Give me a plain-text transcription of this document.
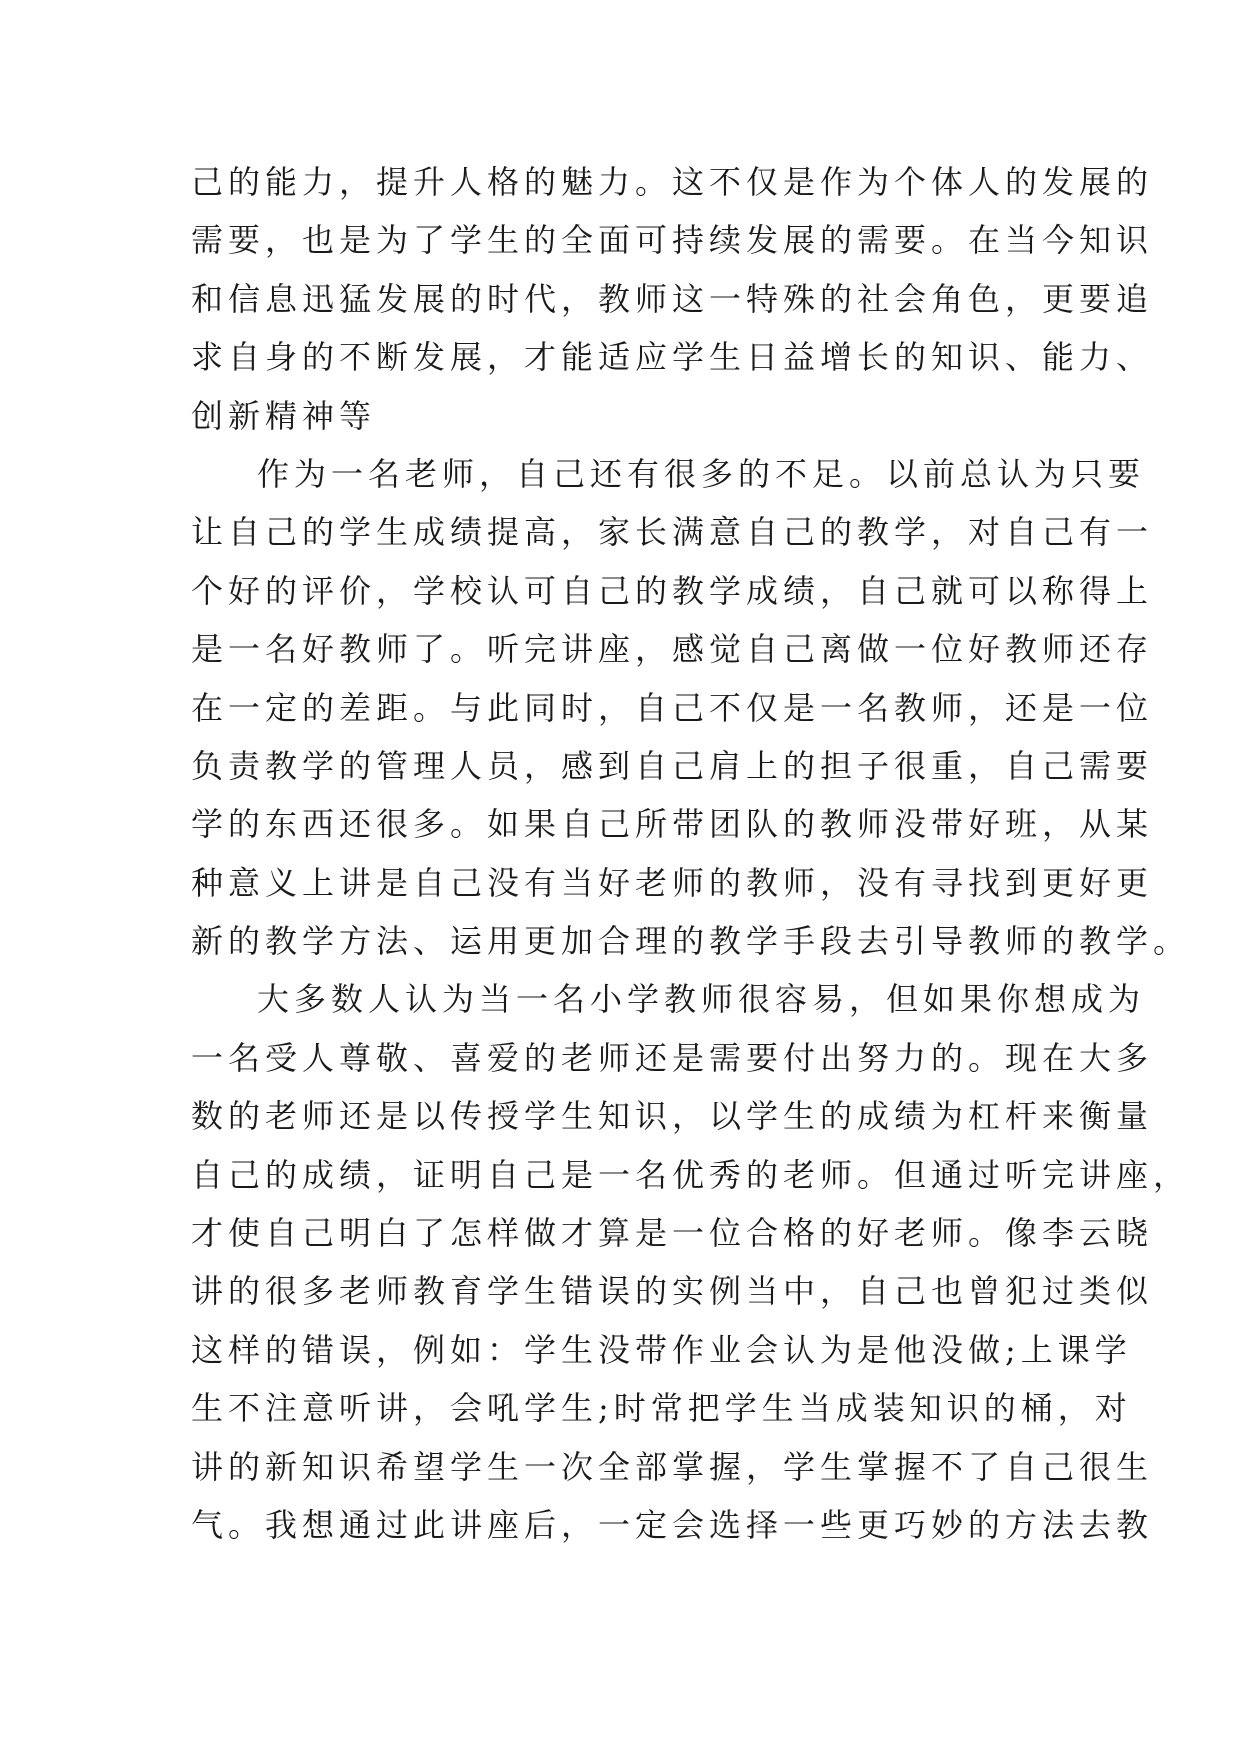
己的能力，提升人格的魅力。这不仅是作为个体人的发展的
需要，也是为了学生的全面可持续发展的需要。在当今知识
和信息迅猛发展的时代，教师这一特殊的社会角色，更要追
求自身的不断发展，才能适应学生日益增长的知识、能力、
创新精神等
作为一名老师，自己还有很多的不足。以前总认为只要
让自己的学生成绩提高，家长满意自己的教学，对自己有一
个好的评价，学校认可自己的教学成绩，自己就可以称得上
是一名好教师了。听完讲座，感觉自己离做一位好教师还存
在一定的差距。与此同时，自己不仅是一名教师，还是一位
负责教学的管理人员，感到自己肩上的担子很重，自己需要
学的东西还很多。如果自己所带团队的教师没带好班，从某
种意义上讲是自己没有当好老师的教师，没有寻找到更好更
新的教学方法、运用更加合理的教学手段去引导教师的教学。
大多数人认为当一名小学教师很容易，但如果你想成为
一名受人尊敬、喜爱的老师还是需要付出努力的。现在大多
数的老师还是以传授学生知识，以学生的成绩为杠杆来衡量
自己的成绩，证明自己是一名优秀的老师。但通过听完讲座，
才使自己明白了怎样做才算是一位合格的好老师。像李云晓
讲的很多老师教育学生错误的实例当中，自己也曾犯过类似
这样的错误，例如：学生没带作业会认为是他没做;上课学
生不注意听讲，会吼学生;时常把学生当成装知识的桶，对
讲的新知识希望学生一次全部掌握，学生掌握不了自己很生
气。我想通过此讲座后，一定会选择一些更巧妙的方法去教
